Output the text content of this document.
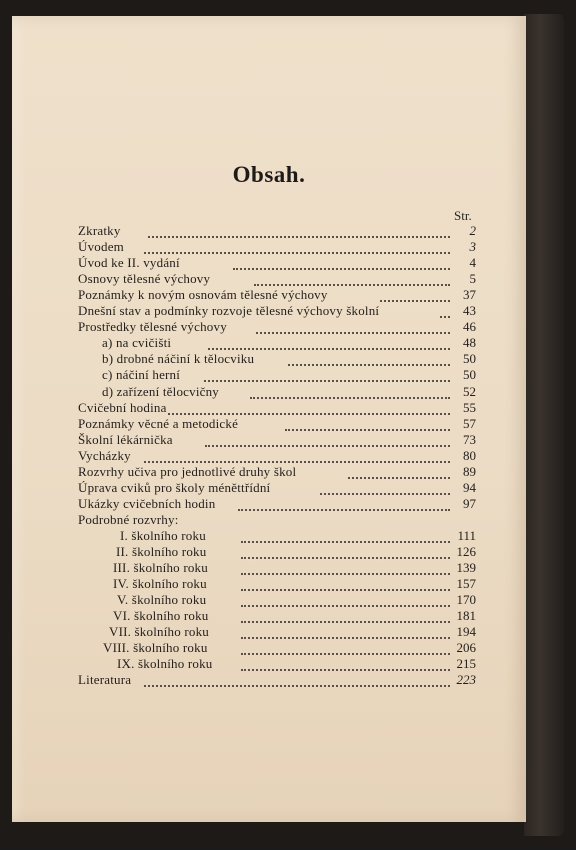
Obsah.
Str.
Zkratky	2
Úvodem	3
Úvod ke II. vydání	4
Osnovy tělesné výchovy	5
Poznámky k novým osnovám tělesné výchovy	37
Dnešní stav a podmínky rozvoje tělesné výchovy školní	43
Prostředky tělesné výchovy	46
a) na cvičišti	48
b) drobné náčiní k tělocviku	50
c) náčiní herní	50
d) zařízení tělocvičny	52
Cvičební hodina	55
Poznámky věcné a metodické	57
Školní lékárnička	73
Vycházky	80
Rozvrhy učiva pro jednotlivé druhy škol	89
Úprava cviků pro školy méněttřídní	94
Ukázky cvičebních hodin	97
Podrobné rozvrhy:
I. školního roku	111
II. školního roku	126
III. školního roku	139
IV. školního roku	157
V. školního roku	170
VI. školního roku	181
VII. školního roku	194
VIII. školního roku	206
IX. školního roku	215
Literatura	223
